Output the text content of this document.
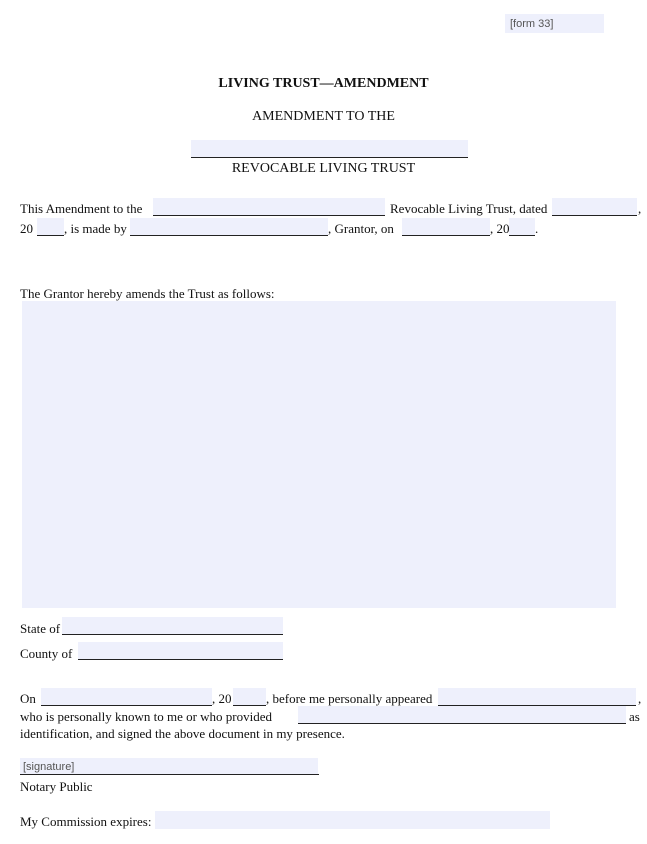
[form 33]
LIVING TRUST—AMENDMENT
AMENDMENT TO THE
REVOCABLE LIVING TRUST
This Amendment to the	Revocable Living Trust, dated	,
20 , is made by	, Grantor, on	, 20 .
The Grantor hereby amends the Trust as follows:
State of
County of
On	, 20	, before me personally appeared	,
who is personally known to me or who provided	as
identification, and signed the above document in my presence.
[signature]
Notary Public
My Commission expires:
